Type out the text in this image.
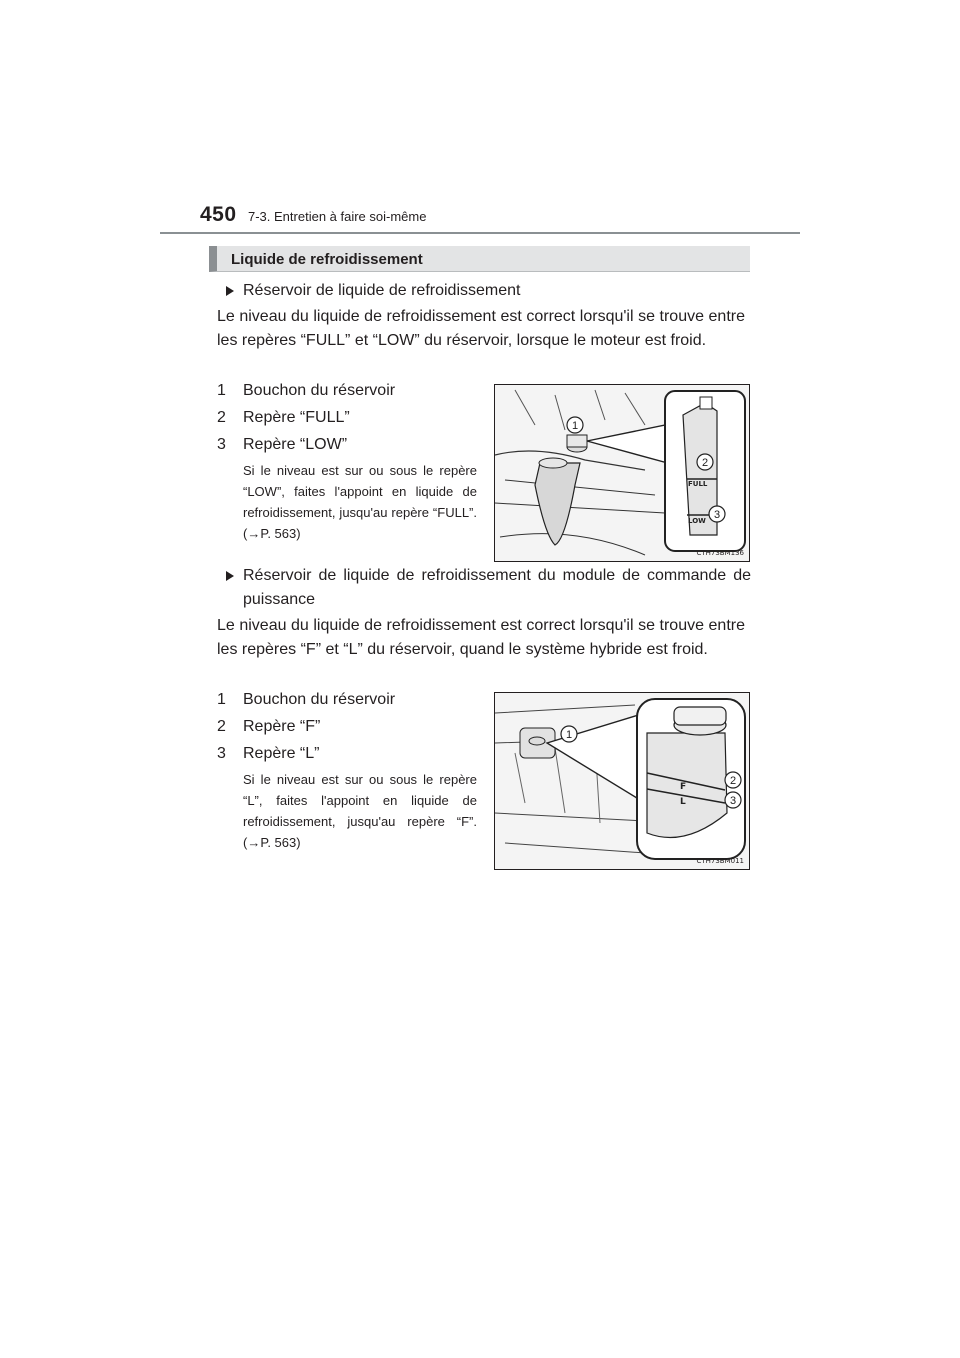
450 7-3. Entretien à faire soi-même
Liquide de refroidissement
Réservoir de liquide de refroidissement
Le niveau du liquide de refroidissement est correct lorsqu'il se trouve entre les repères “FULL” et “LOW” du réservoir, lorsque le moteur est froid.
1 Bouchon du réservoir
2 Repère “FULL”
3 Repère “LOW”
Si le niveau est sur ou sous le repère “LOW”, faites l'appoint en liquide de refroidissement, jusqu'au repère “FULL”. (→P. 563)
FULL
LOW
1
2
3
CTH73BM136
Réservoir de liquide de refroidissement du module de commande de puissance
Le niveau du liquide de refroidissement est correct lorsqu'il se trouve entre les repères “F” et “L” du réservoir, quand le système hybride est froid.
1 Bouchon du réservoir
2 Repère “F”
3 Repère “L”
Si le niveau est sur ou sous le repère “L”, faites l'appoint en liquide de refroidissement, jusqu'au repère “F”. (→P. 563)
F
L
1
2
3
CTH73BM011
